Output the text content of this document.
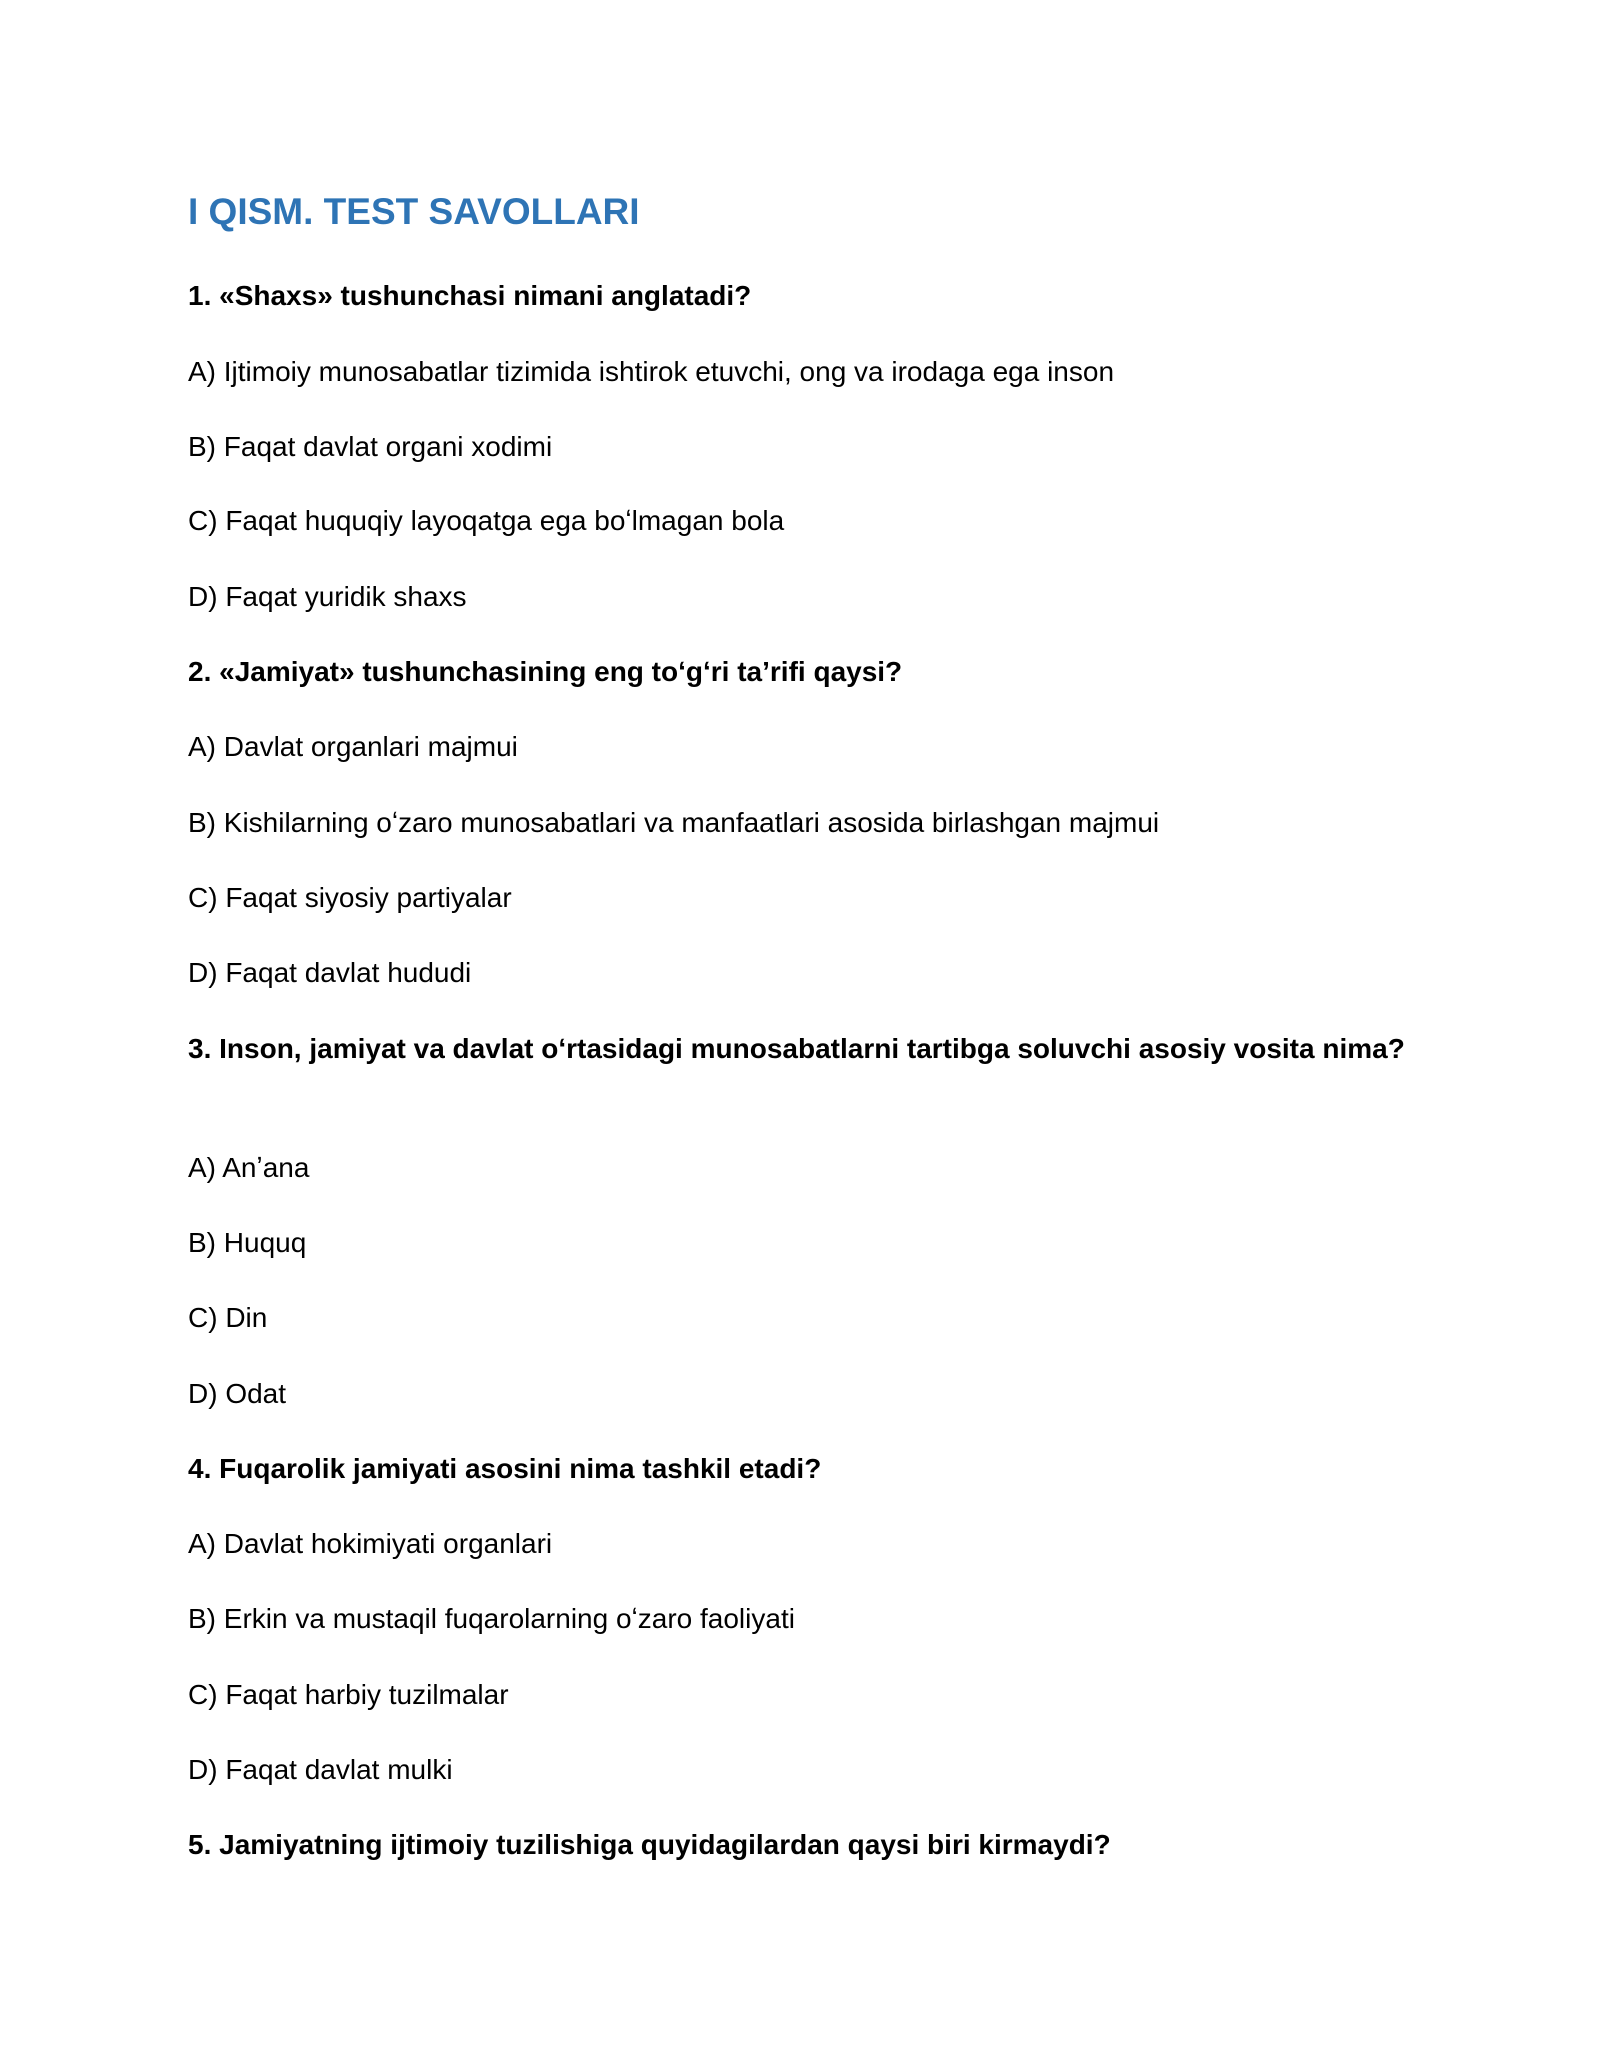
I QISM. TEST SAVOLLARI

1. «Shaxs» tushunchasi nimani anglatadi?

A) Ijtimoiy munosabatlar tizimida ishtirok etuvchi, ong va irodaga ega inson

B) Faqat davlat organi xodimi

C) Faqat huquqiy layoqatga ega boʻlmagan bola

D) Faqat yuridik shaxs

2. «Jamiyat» tushunchasining eng toʻgʻri taʼrifi qaysi?

A) Davlat organlari majmui

B) Kishilarning oʻzaro munosabatlari va manfaatlari asosida birlashgan majmui

C) Faqat siyosiy partiyalar

D) Faqat davlat hududi

3. Inson, jamiyat va davlat oʻrtasidagi munosabatlarni tartibga soluvchi asosiy vosita nima?

A) Anʼana

B) Huquq

C) Din

D) Odat

4. Fuqarolik jamiyati asosini nima tashkil etadi?

A) Davlat hokimiyati organlari

B) Erkin va mustaqil fuqarolarning oʻzaro faoliyati

C) Faqat harbiy tuzilmalar

D) Faqat davlat mulki

5. Jamiyatning ijtimoiy tuzilishiga quyidagilardan qaysi biri kirmaydi?
